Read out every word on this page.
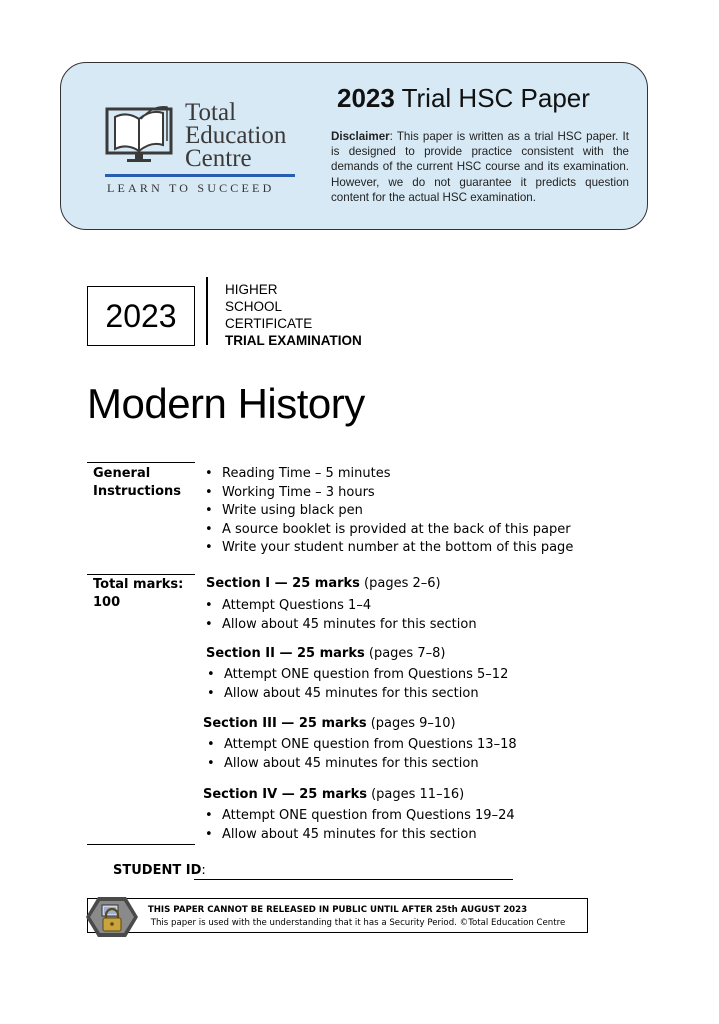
Total
Education
Centre
LEARN TO SUCCEED
2023 Trial HSC Paper
Disclaimer: This paper is written as a trial HSC paper. It is designed to provide practice consistent with the demands of the current HSC course and its examination. However, we do not guarantee it predicts question content for the actual HSC examination.
2023
HIGHER
SCHOOL
CERTIFICATE
TRIAL EXAMINATION
Modern History
General
Instructions
• Reading Time – 5 minutes
• Working Time – 3 hours
• Write using black pen
• A source booklet is provided at the back of this paper
• Write your student number at the bottom of this page
Total marks:
100
Section I — 25 marks (pages 2–6)
• Attempt Questions 1–4
• Allow about 45 minutes for this section
Section II — 25 marks (pages 7–8)
• Attempt ONE question from Questions 5–12
• Allow about 45 minutes for this section
Section III — 25 marks (pages 9–10)
• Attempt ONE question from Questions 13–18
• Allow about 45 minutes for this section
Section IV — 25 marks (pages 11–16)
• Attempt ONE question from Questions 19–24
• Allow about 45 minutes for this section
STUDENT ID:
THIS PAPER CANNOT BE RELEASED IN PUBLIC UNTIL AFTER 25th AUGUST 2023
This paper is used with the understanding that it has a Security Period. ©Total Education Centre
